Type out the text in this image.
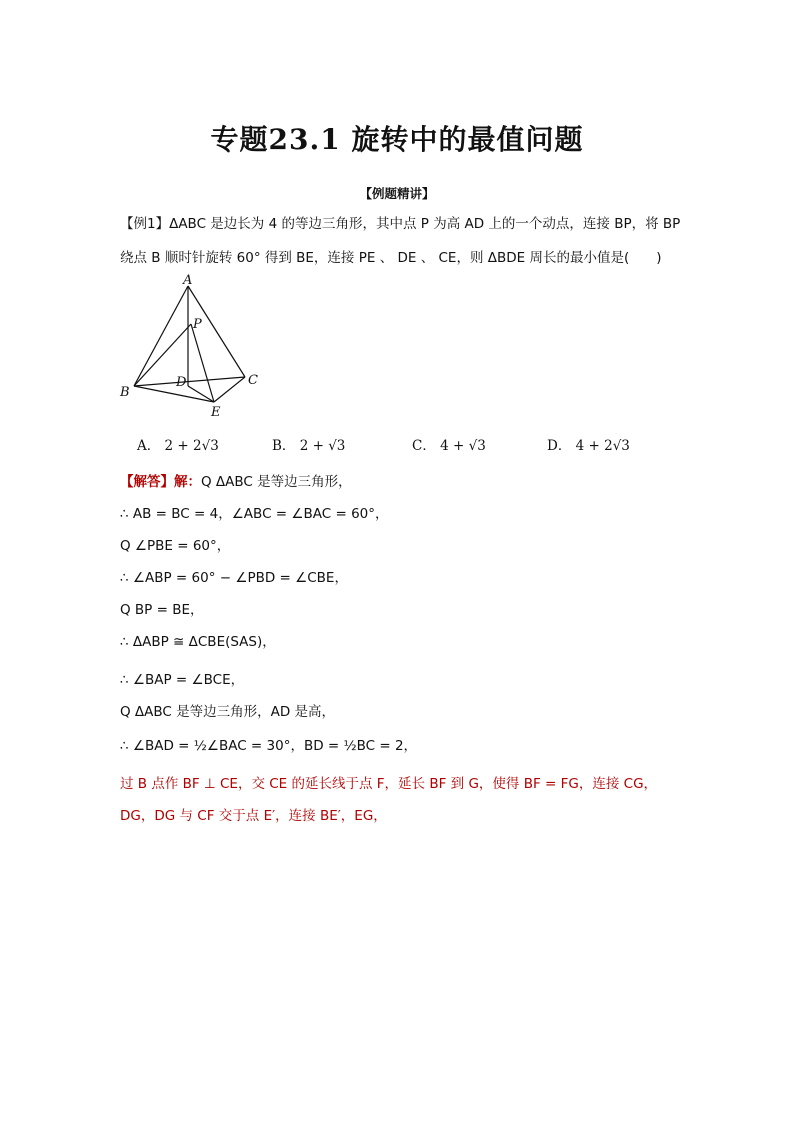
专题23.1 旋转中的最值问题
【例题精讲】
【例1】ΔABC 是边长为 4 的等边三角形，其中点 P 为高 AD 上的一个动点，连接 BP，将 BP
绕点 B 顺时针旋转 60° 得到 BE，连接 PE 、 DE 、 CE，则 ΔBDE 周长的最小值是(　　)
A
P
B
D	C
E
A． 2 + 2√3	B． 2 + √3	C． 4 + √3	D． 4 + 2√3
【解答】解：Q ΔABC 是等边三角形，
∴ AB = BC = 4，∠ABC = ∠BAC = 60°，
Q ∠PBE = 60°，
∴ ∠ABP = 60° − ∠PBD = ∠CBE，
Q BP = BE，
∴ ΔABP ≅ ΔCBE(SAS)，
∴ ∠BAP = ∠BCE，
Q ΔABC 是等边三角形，AD 是高，
∴ ∠BAD = ½∠BAC = 30°，BD = ½BC = 2，
过 B 点作 BF ⊥ CE，交 CE 的延长线于点 F，延长 BF 到 G，使得 BF = FG，连接 CG，
DG，DG 与 CF 交于点 E′，连接 BE′，EG，
